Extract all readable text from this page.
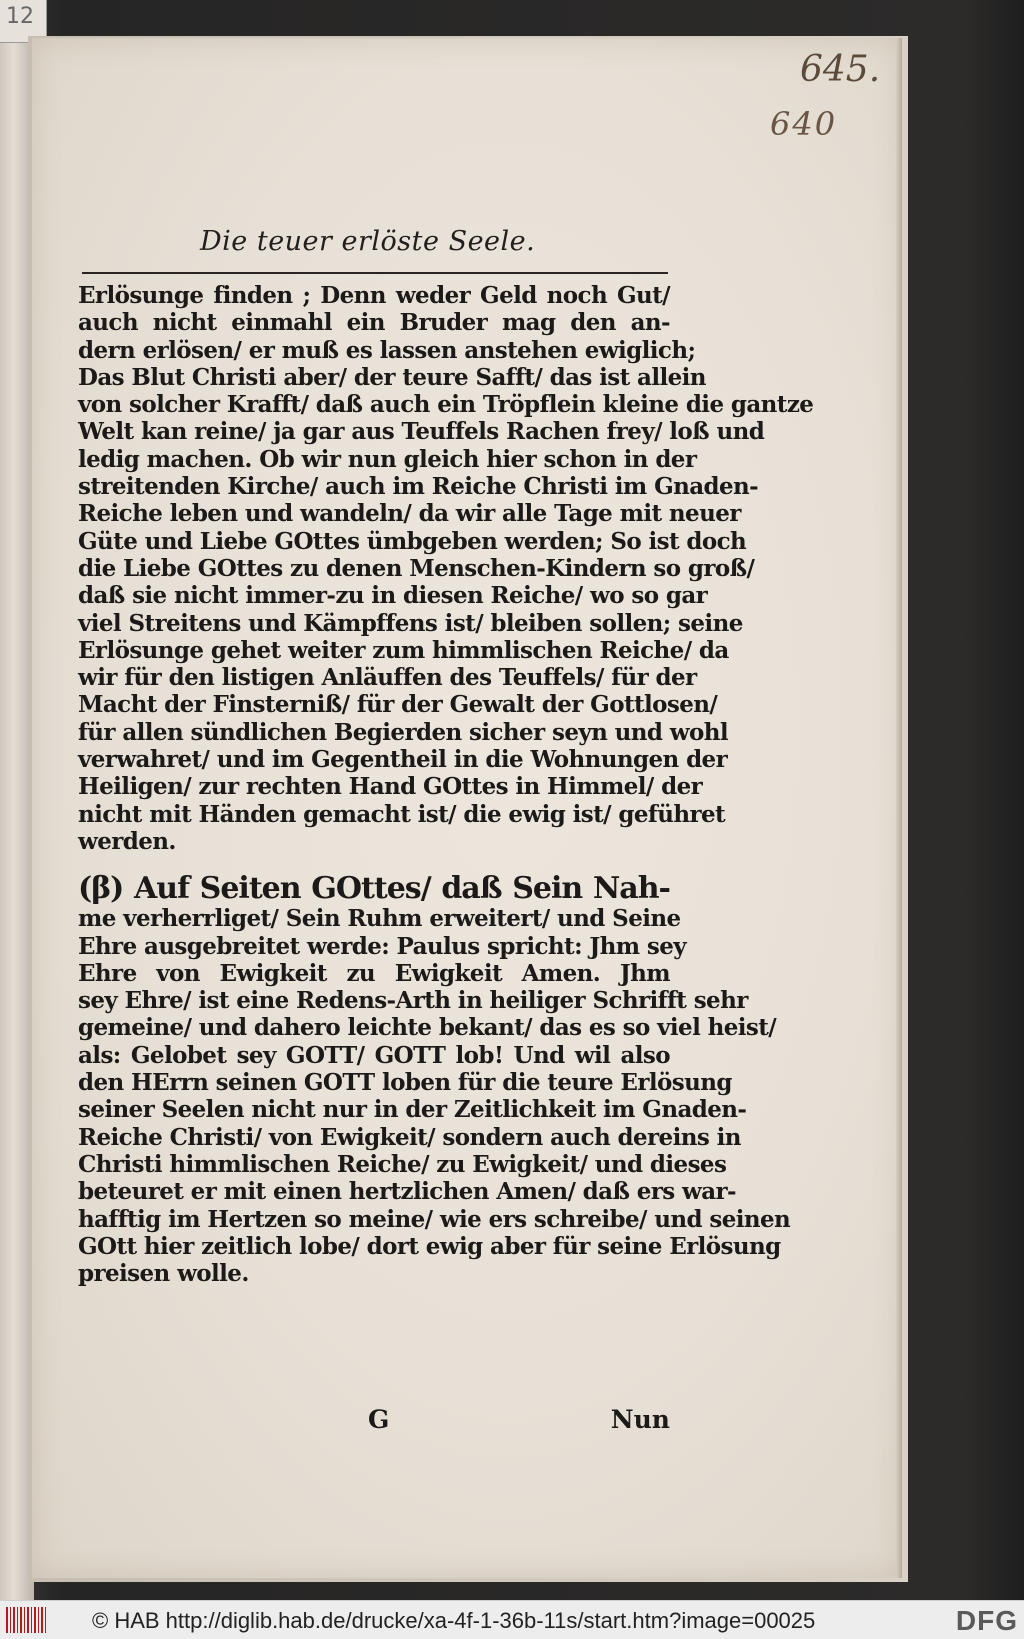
12
645.
640
Die teuer erlöste Seele.
Erlösunge finden ; Denn weder Geld noch Gut/
auch nicht einmahl ein Bruder mag den an-
dern erlösen/ er muß es lassen anstehen ewiglich;
Das Blut Christi aber/ der teure Safft/ das ist allein
von solcher Krafft/ daß auch ein Tröpflein kleine die gantze
Welt kan reine/ ja gar aus Teuffels Rachen frey/ loß und
ledig machen. Ob wir nun gleich hier schon in der
streitenden Kirche/ auch im Reiche Christi im Gnaden-
Reiche leben und wandeln/ da wir alle Tage mit neuer
Güte und Liebe GOttes ümbgeben werden; So ist doch
die Liebe GOttes zu denen Menschen-Kindern so groß/
daß sie nicht immer-zu in diesen Reiche/ wo so gar
viel Streitens und Kämpffens ist/ bleiben sollen; seine
Erlösunge gehet weiter zum himmlischen Reiche/ da
wir für den listigen Anläuffen des Teuffels/ für der
Macht der Finsterniß/ für der Gewalt der Gottlosen/
für allen sündlichen Begierden sicher seyn und wohl
verwahret/ und im Gegentheil in die Wohnungen der
Heiligen/ zur rechten Hand GOttes in Himmel/ der
nicht mit Händen gemacht ist/ die ewig ist/ geführet
werden.
(β) Auf Seiten GOttes/ daß Sein Nah-
me verherrliget/ Sein Ruhm erweitert/ und Seine
Ehre ausgebreitet werde: Paulus spricht: Jhm sey
Ehre von Ewigkeit zu Ewigkeit Amen. Jhm
sey Ehre/ ist eine Redens-Arth in heiliger Schrifft sehr
gemeine/ und dahero leichte bekant/ das es so viel heist/
als: Gelobet sey GOTT/ GOTT lob! Und wil also
den HErrn seinen GOTT loben für die teure Erlösung
seiner Seelen nicht nur in der Zeitlichkeit im Gnaden-
Reiche Christi/ von Ewigkeit/ sondern auch dereins in
Christi himmlischen Reiche/ zu Ewigkeit/ und dieses
beteuret er mit einen hertzlichen Amen/ daß ers war-
hafftig im Hertzen so meine/ wie ers schreibe/ und seinen
GOtt hier zeitlich lobe/ dort ewig aber für seine Erlösung
preisen wolle.
G	Nun
© HAB http://diglib.hab.de/drucke/xa-4f-1-36b-11s/start.htm?image=00025	DFG
